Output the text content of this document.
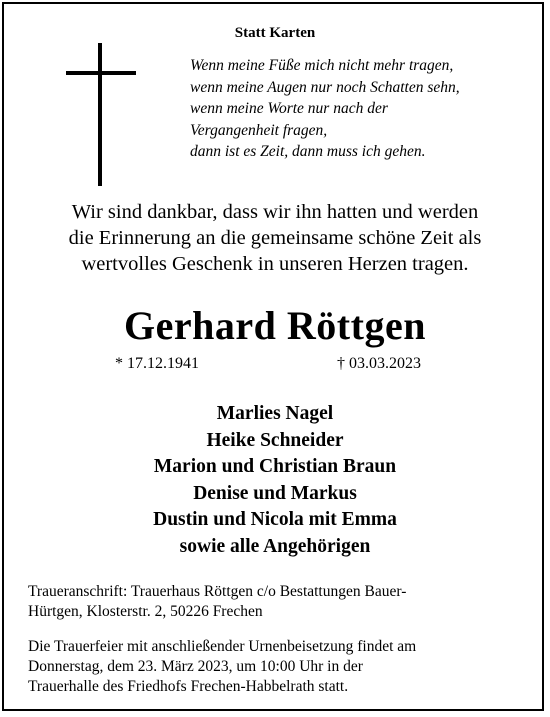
Statt Karten
Wenn meine Füße mich nicht mehr tragen,
wenn meine Augen nur noch Schatten sehn,
wenn meine Worte nur nach der
Vergangenheit fragen,
dann ist es Zeit, dann muss ich gehen.
Wir sind dankbar, dass wir ihn hatten und werden
die Erinnerung an die gemeinsame schöne Zeit als
wertvolles Geschenk in unseren Herzen tragen.
Gerhard Röttgen
* 17.12.1941	† 03.03.2023
Marlies Nagel
Heike Schneider
Marion und Christian Braun
Denise und Markus
Dustin und Nicola mit Emma
sowie alle Angehörigen
Traueranschrift: Trauerhaus Röttgen c/o Bestattungen Bauer-
Hürtgen, Klosterstr. 2, 50226 Frechen
Die Trauerfeier mit anschließender Urnenbeisetzung findet am
Donnerstag, dem 23. März 2023, um 10:00 Uhr in der
Trauerhalle des Friedhofs Frechen-Habbelrath statt.
